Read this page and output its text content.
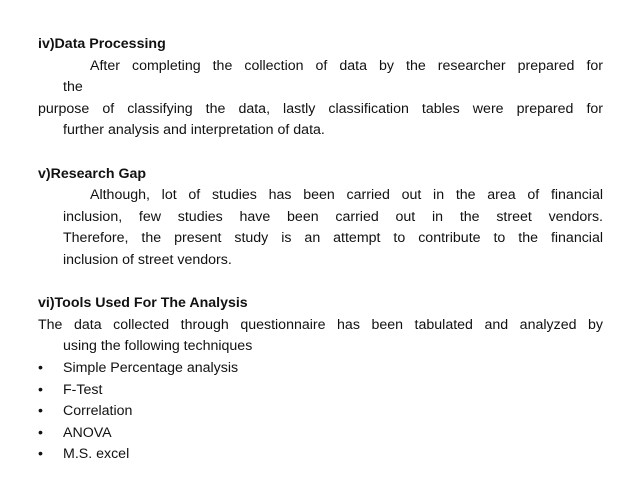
iv)Data Processing

After completing the collection of data by the researcher prepared for

the

purpose of classifying the data, lastly classification tables were prepared for

further analysis and interpretation of data.

v)Research Gap

Although, lot of studies has been carried out in the area of financial

inclusion, few studies have been carried out in the street vendors.

Therefore, the present study is an attempt to contribute to the financial

inclusion of street vendors.

vi)Tools Used For The Analysis

The data collected through questionnaire has been tabulated and analyzed by

using the following techniques

• Simple Percentage analysis

• F-Test

• Correlation

• ANOVA

• M.S. excel
